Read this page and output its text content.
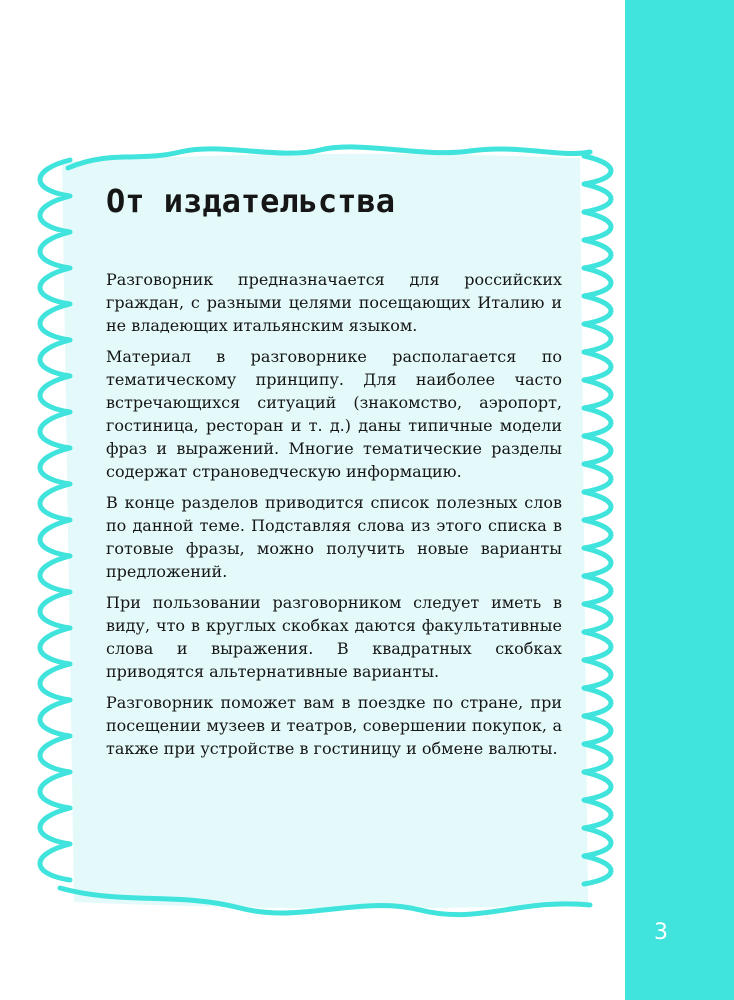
От издательства

Разговорник предназначается для российских граждан, с разными целями посещающих Италию и не владеющих итальянским языком.

Материал в разговорнике располагается по тематическому принципу. Для наиболее часто встречающихся ситуаций (знакомство, аэропорт, гостиница, ресторан и т. д.) даны типичные модели фраз и выражений. Многие тематические разделы содержат страноведческую информацию.

В конце разделов приводится список полезных слов по данной теме. Подставляя слова из этого списка в готовые фразы, можно получить новые варианты предложений.

При пользовании разговорником следует иметь в виду, что в круглых скобках даются факультативные слова и выражения. В квадратных скобках приводятся альтернативные варианты.

Разговорник поможет вам в поездке по стране, при посещении музеев и театров, совершении покупок, а также при устройстве в гостиницу и обмене валюты.

3
